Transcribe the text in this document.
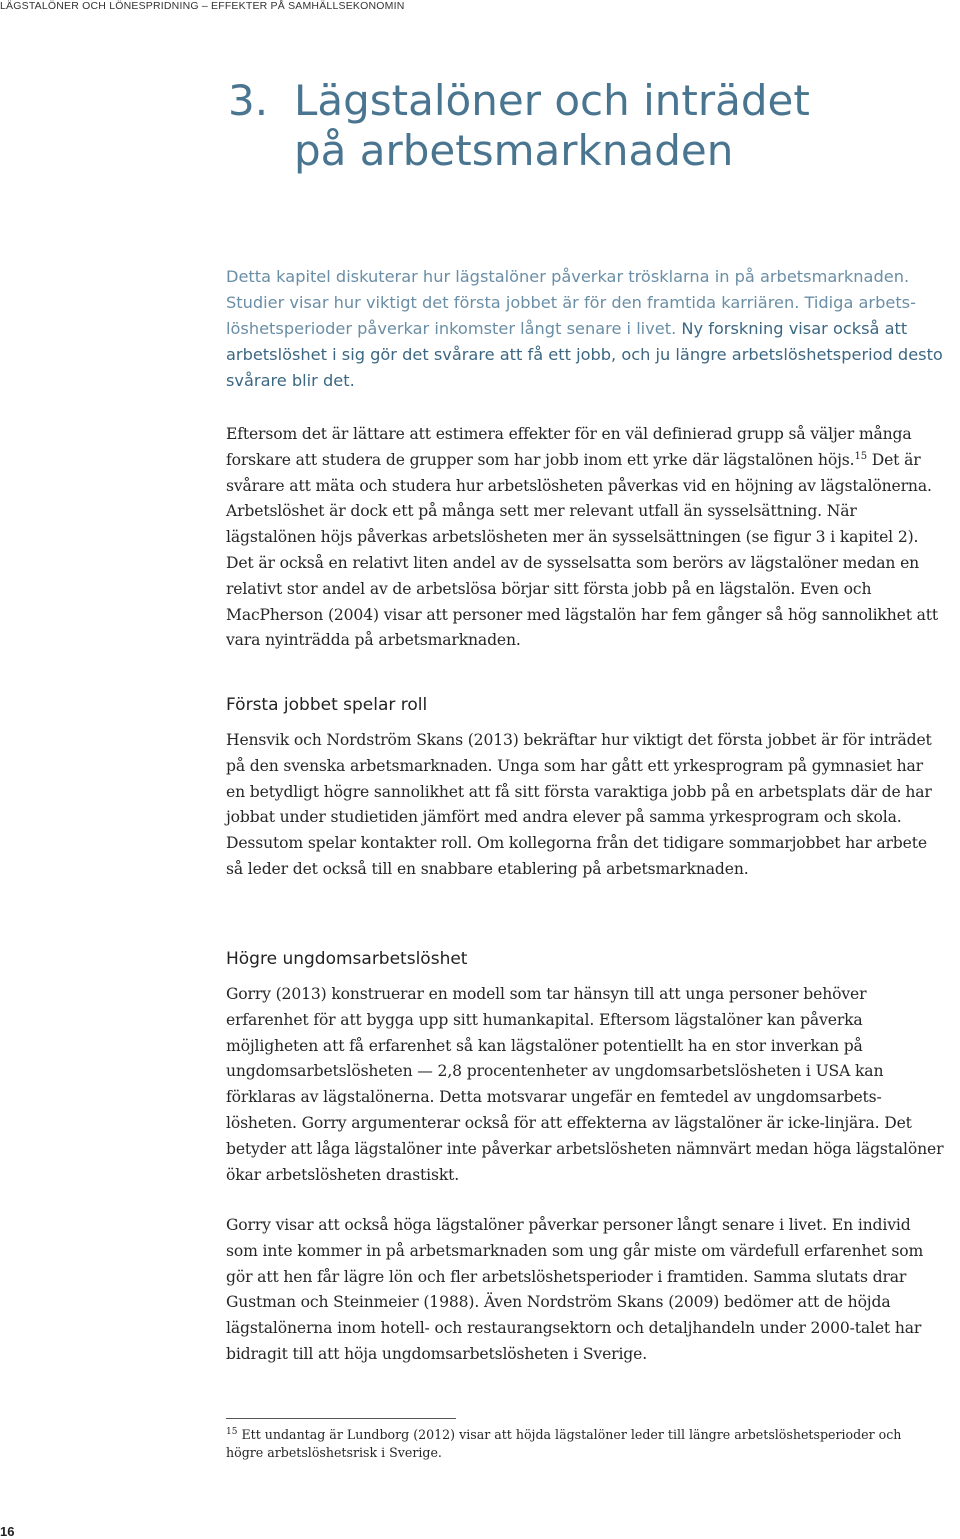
LÄGSTALÖNER OCH LÖNESPRIDNING – EFFEKTER PÅ SAMHÄLLSEKONOMIN
3. Lägstalöner och inträdet
på arbetsmarknaden

Detta kapitel diskuterar hur lägstalöner påverkar trösklarna in på arbetsmarknaden. Studier visar hur viktigt det första jobbet är för den framtida karriären. Tidiga arbetslöshetsperioder påverkar inkomster långt senare i livet. Ny forskning visar också att arbetslöshet i sig gör det svårare att få ett jobb, och ju längre arbetslöshetsperiod desto svårare blir det.

Eftersom det är lättare att estimera effekter för en väl definierad grupp så väljer många forskare att studera de grupper som har jobb inom ett yrke där lägstalönen höjs.$^{15}$ Det är svårare att mäta och studera hur arbetslösheten påverkas vid en höjning av lägstalönerna. Arbetslöshet är dock ett på många sett mer relevant utfall än sysselsättning. När lägstalönen höjs påverkas arbetslösheten mer än sysselsättningen (se figur 3 i kapitel 2). Det är också en relativt liten andel av de sysselsatta som berörs av lägstalöner medan en relativt stor andel av de arbetslösa börjar sitt första jobb på en lägstalön. Even och MacPherson (2004) visar att personer med lägstalön har fem gånger så hög sannolikhet att vara nyinträdda på arbetsmarknaden.

Första jobbet spelar roll

Hensvik och Nordström Skans (2013) bekräftar hur viktigt det första jobbet är för inträdet på den svenska arbetsmarknaden. Unga som har gått ett yrkesprogram på gymnasiet har en betydligt högre sannolikhet att få sitt första varaktiga jobb på en arbetsplats där de har jobbat under studietiden jämfört med andra elever på samma yrkesprogram och skola. Dessutom spelar kontakter roll. Om kollegorna från det tidigare sommarjobbet har arbete så leder det också till en snabbare etablering på arbetsmarknaden.

Högre ungdomsarbetslöshet

Gorry (2013) konstruerar en modell som tar hänsyn till att unga personer behöver erfarenhet för att bygga upp sitt humankapital. Eftersom lägstalöner kan påverka möjligheten att få erfarenhet så kan lägstalöner potentiellt ha en stor inverkan på ungdomsarbetslösheten — 2,8 procentenheter av ungdomsarbetslösheten i USA kan förklaras av lägstalönerna. Detta motsvarar ungefär en femtedel av ungdomsarbetslösheten. Gorry argumenterar också för att effekterna av lägstalöner är icke-linjära. Det betyder att låga lägstalöner inte påverkar arbetslösheten nämnvärt medan höga lägstalöner ökar arbetslösheten drastiskt.

Gorry visar att också höga lägstalöner påverkar personer långt senare i livet. En individ som inte kommer in på arbetsmarknaden som ung går miste om värdefull erfarenhet som gör att hen får lägre lön och fler arbetslöshetsperioder i framtiden. Samma slutats drar Gustman och Steinmeier (1988). Även Nordström Skans (2009) bedömer att de höjda lägstalönerna inom hotell- och restaurangsektorn och detaljhandeln under 2000-talet har bidragit till att höja ungdomsarbetslösheten i Sverige.

$^{15}$ Ett undantag är Lundborg (2012) visar att höjda lägstalöner leder till längre arbetslöshetsperioder och högre arbetslöshetsrisk i Sverige.

16
